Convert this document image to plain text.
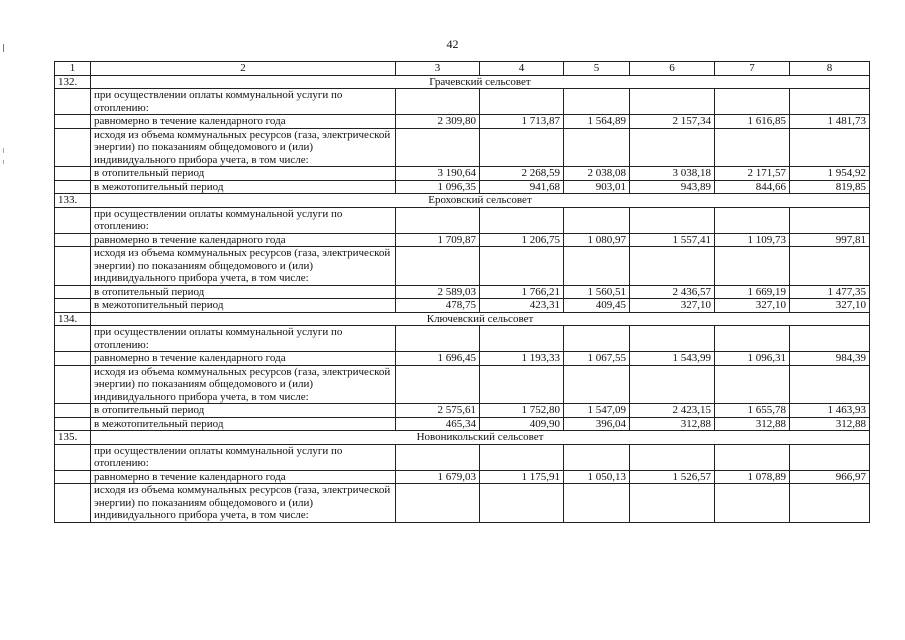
42
1	2	3	4	5	6	7	8
132.	Грачевский сельсовет						
	при осуществлении оплаты коммунальной услуги по отоплению:						
	равномерно в течение календарного года	2 309,80	1 713,87	1 564,89	2 157,34	1 616,85	1 481,73
	исходя из объема коммунальных ресурсов (газа, электрической энергии) по показаниям общедомового и (или) индивидуального прибора учета, в том числе:						
	в отопительный период	3 190,64	2 268,59	2 038,08	3 038,18	2 171,57	1 954,92
	в межотопительный период	1 096,35	941,68	903,01	943,89	844,66	819,85
133.	Ероховский сельсовет						
	при осуществлении оплаты коммунальной услуги по отоплению:						
	равномерно в течение календарного года	1 709,87	1 206,75	1 080,97	1 557,41	1 109,73	997,81
	исходя из объема коммунальных ресурсов (газа, электрической энергии) по показаниям общедомового и (или) индивидуального прибора учета, в том числе:						
	в отопительный период	2 589,03	1 766,21	1 560,51	2 436,57	1 669,19	1 477,35
	в межотопительный период	478,75	423,31	409,45	327,10	327,10	327,10
134.	Ключевский сельсовет						
	при осуществлении оплаты коммунальной услуги по отоплению:						
	равномерно в течение календарного года	1 696,45	1 193,33	1 067,55	1 543,99	1 096,31	984,39
	исходя из объема коммунальных ресурсов (газа, электрической энергии) по показаниям общедомового и (или) индивидуального прибора учета, в том числе:						
	в отопительный период	2 575,61	1 752,80	1 547,09	2 423,15	1 655,78	1 463,93
	в межотопительный период	465,34	409,90	396,04	312,88	312,88	312,88
135.	Новоникольский сельсовет						
	при осуществлении оплаты коммунальной услуги по отоплению:						
	равномерно в течение календарного года	1 679,03	1 175,91	1 050,13	1 526,57	1 078,89	966,97
	исходя из объема коммунальных ресурсов (газа, электрической энергии) по показаниям общедомового и (или) индивидуального прибора учета, в том числе:						
